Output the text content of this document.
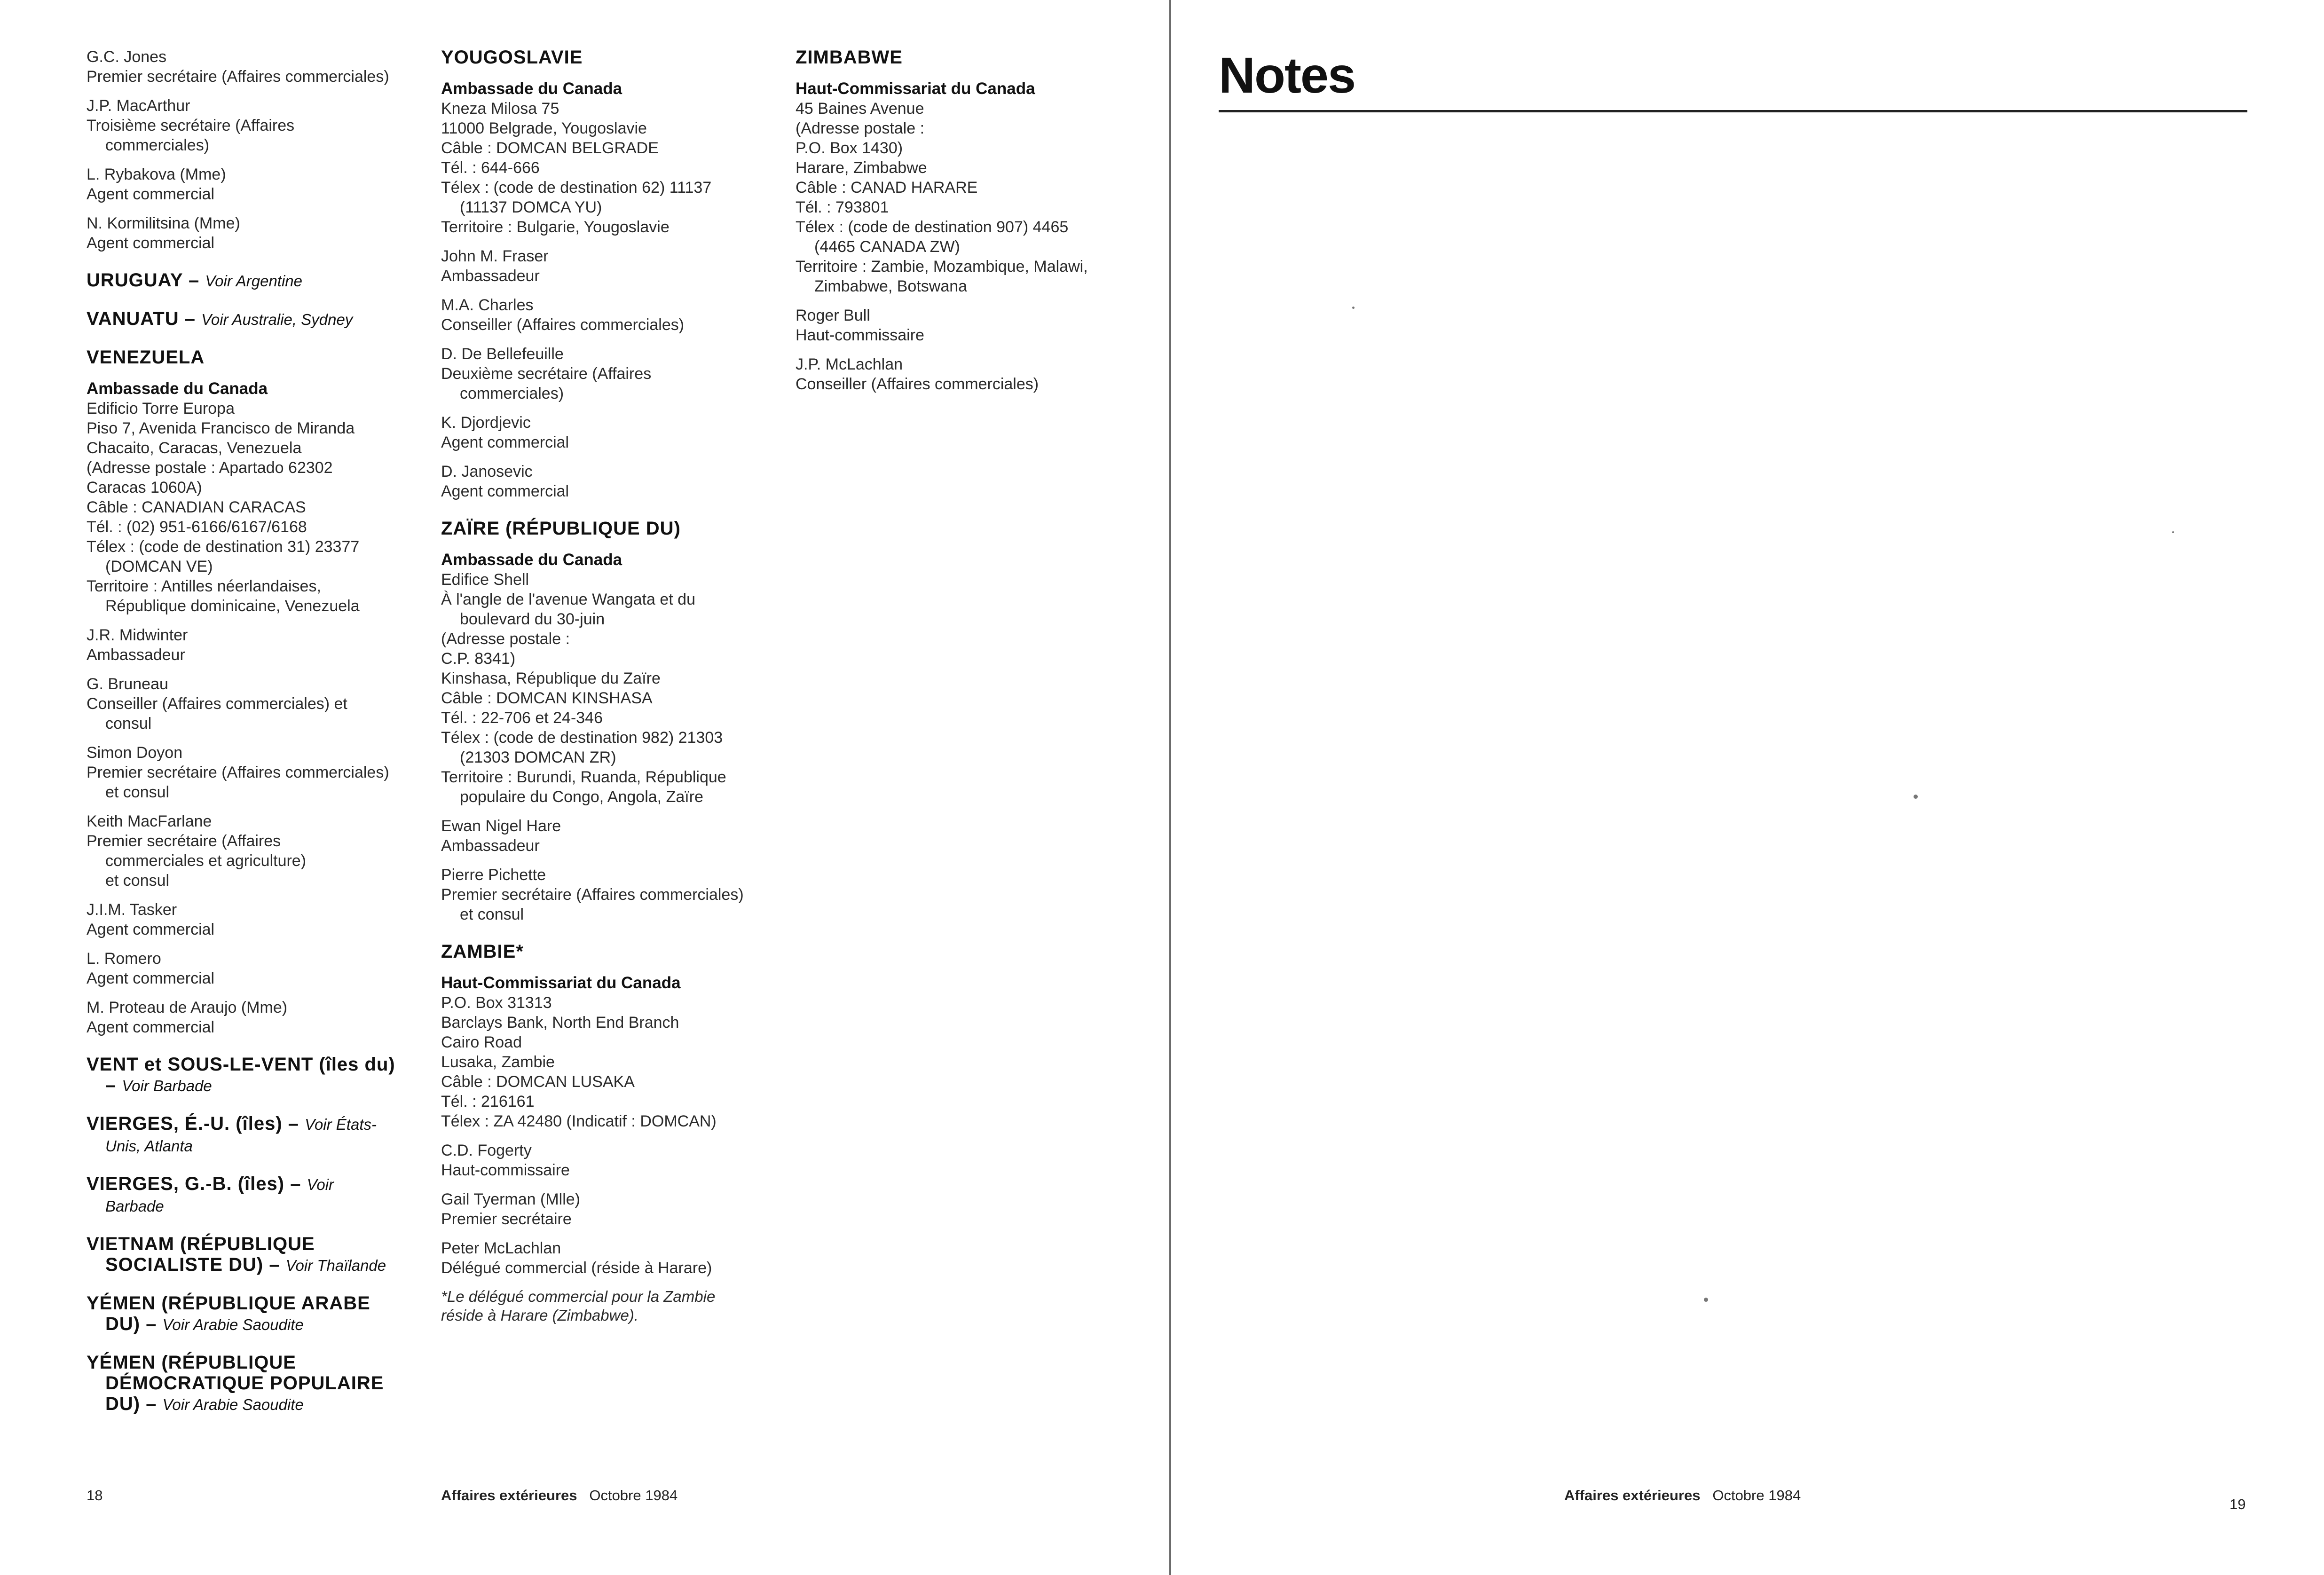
G.C. Jones
Premier secrétaire (Affaires commerciales)
J.P. MacArthur
Troisième secrétaire (Affaires
commerciales)
L. Rybakova (Mme)
Agent commercial
N. Kormilitsina (Mme)
Agent commercial
URUGUAY – Voir Argentine
VANUATU – Voir Australie, Sydney
VENEZUELA
Ambassade du Canada
Edificio Torre Europa
Piso 7, Avenida Francisco de Miranda
Chacaito, Caracas, Venezuela
(Adresse postale : Apartado 62302
Caracas 1060A)
Câble : CANADIAN CARACAS
Tél. : (02) 951-6166/6167/6168
Télex : (code de destination 31) 23377
(DOMCAN VE)
Territoire : Antilles néerlandaises,
République dominicaine, Venezuela
J.R. Midwinter
Ambassadeur
G. Bruneau
Conseiller (Affaires commerciales) et
consul
Simon Doyon
Premier secrétaire (Affaires commerciales)
et consul
Keith MacFarlane
Premier secrétaire (Affaires
commerciales et agriculture)
et consul
J.I.M. Tasker
Agent commercial
L. Romero
Agent commercial
M. Proteau de Araujo (Mme)
Agent commercial
VENT et SOUS-LE-VENT (îles du)
– Voir Barbade
VIERGES, É.-U. (îles) – Voir États-
Unis, Atlanta
VIERGES, G.-B. (îles) – Voir
Barbade
VIETNAM (RÉPUBLIQUE
SOCIALISTE DU) – Voir Thaïlande
YÉMEN (RÉPUBLIQUE ARABE
DU) – Voir Arabie Saoudite
YÉMEN (RÉPUBLIQUE
DÉMOCRATIQUE POPULAIRE
DU) – Voir Arabie Saoudite
YOUGOSLAVIE
Ambassade du Canada
Kneza Milosa 75
11000 Belgrade, Yougoslavie
Câble : DOMCAN BELGRADE
Tél. : 644-666
Télex : (code de destination 62) 11137
(11137 DOMCA YU)
Territoire : Bulgarie, Yougoslavie
John M. Fraser
Ambassadeur
M.A. Charles
Conseiller (Affaires commerciales)
D. De Bellefeuille
Deuxième secrétaire (Affaires
commerciales)
K. Djordjevic
Agent commercial
D. Janosevic
Agent commercial
ZAÏRE (RÉPUBLIQUE DU)
Ambassade du Canada
Edifice Shell
À l'angle de l'avenue Wangata et du
boulevard du 30-juin
(Adresse postale :
C.P. 8341)
Kinshasa, République du Zaïre
Câble : DOMCAN KINSHASA
Tél. : 22-706 et 24-346
Télex : (code de destination 982) 21303
(21303 DOMCAN ZR)
Territoire : Burundi, Ruanda, République
populaire du Congo, Angola, Zaïre
Ewan Nigel Hare
Ambassadeur
Pierre Pichette
Premier secrétaire (Affaires commerciales)
et consul
ZAMBIE*
Haut-Commissariat du Canada
P.O. Box 31313
Barclays Bank, North End Branch
Cairo Road
Lusaka, Zambie
Câble : DOMCAN LUSAKA
Tél. : 216161
Télex : ZA 42480 (Indicatif : DOMCAN)
C.D. Fogerty
Haut-commissaire
Gail Tyerman (Mlle)
Premier secrétaire
Peter McLachlan
Délégué commercial (réside à Harare)
*Le délégué commercial pour la Zambie
réside à Harare (Zimbabwe).
ZIMBABWE
Haut-Commissariat du Canada
45 Baines Avenue
(Adresse postale :
P.O. Box 1430)
Harare, Zimbabwe
Câble : CANAD HARARE
Tél. : 793801
Télex : (code de destination 907) 4465
(4465 CANADA ZW)
Territoire : Zambie, Mozambique, Malawi,
Zimbabwe, Botswana
Roger Bull
Haut-commissaire
J.P. McLachlan
Conseiller (Affaires commerciales)
18	Affaires extérieures Octobre 1984
Notes
Affaires extérieures Octobre 1984
19
